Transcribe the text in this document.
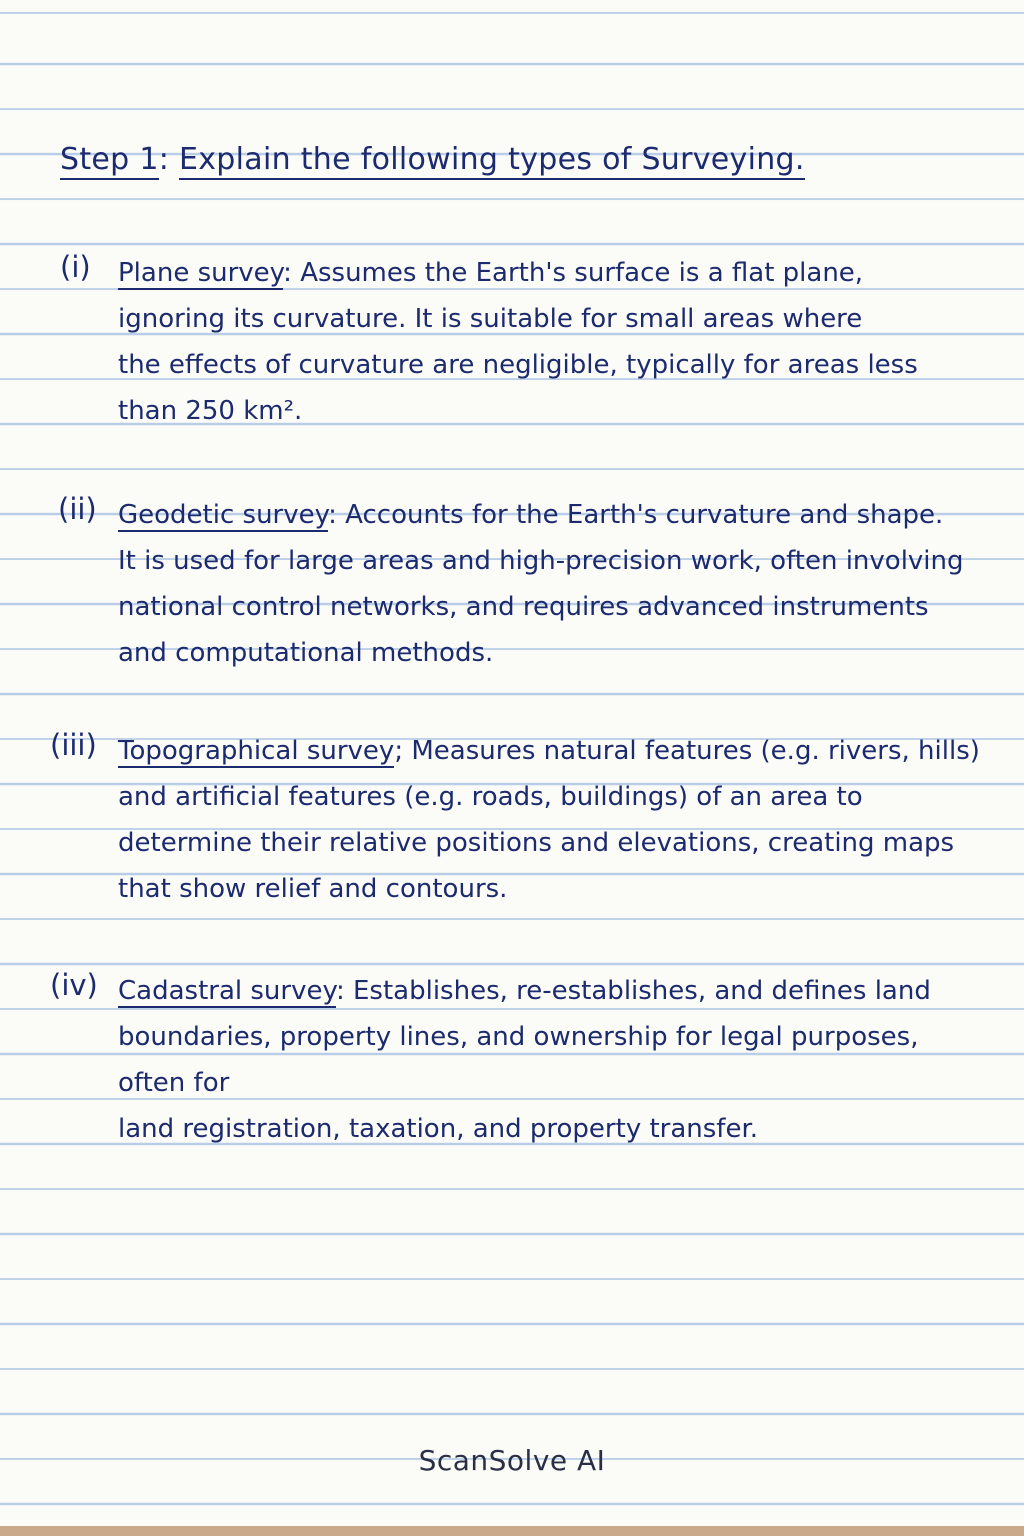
Step 1: Explain the following types of Surveying.
(i) Plane survey: Assumes the Earth's surface is a flat plane,
ignoring its curvature. It is suitable for small areas where
the effects of curvature are negligible, typically for areas less
than 250 km².
(ii) Geodetic survey: Accounts for the Earth's curvature and shape.
It is used for large areas and high-precision work, often involving
national control networks, and requires advanced instruments
and computational methods.
(iii) Topographical survey; Measures natural features (e.g. rivers, hills)
and artificial features (e.g. roads, buildings) of an area to
determine their relative positions and elevations, creating maps
that show relief and contours.
(iv) Cadastral survey: Establishes, re-establishes, and defines land
boundaries, property lines, and ownership for legal purposes, often for
land registration, taxation, and property transfer.
ScanSolve AI
